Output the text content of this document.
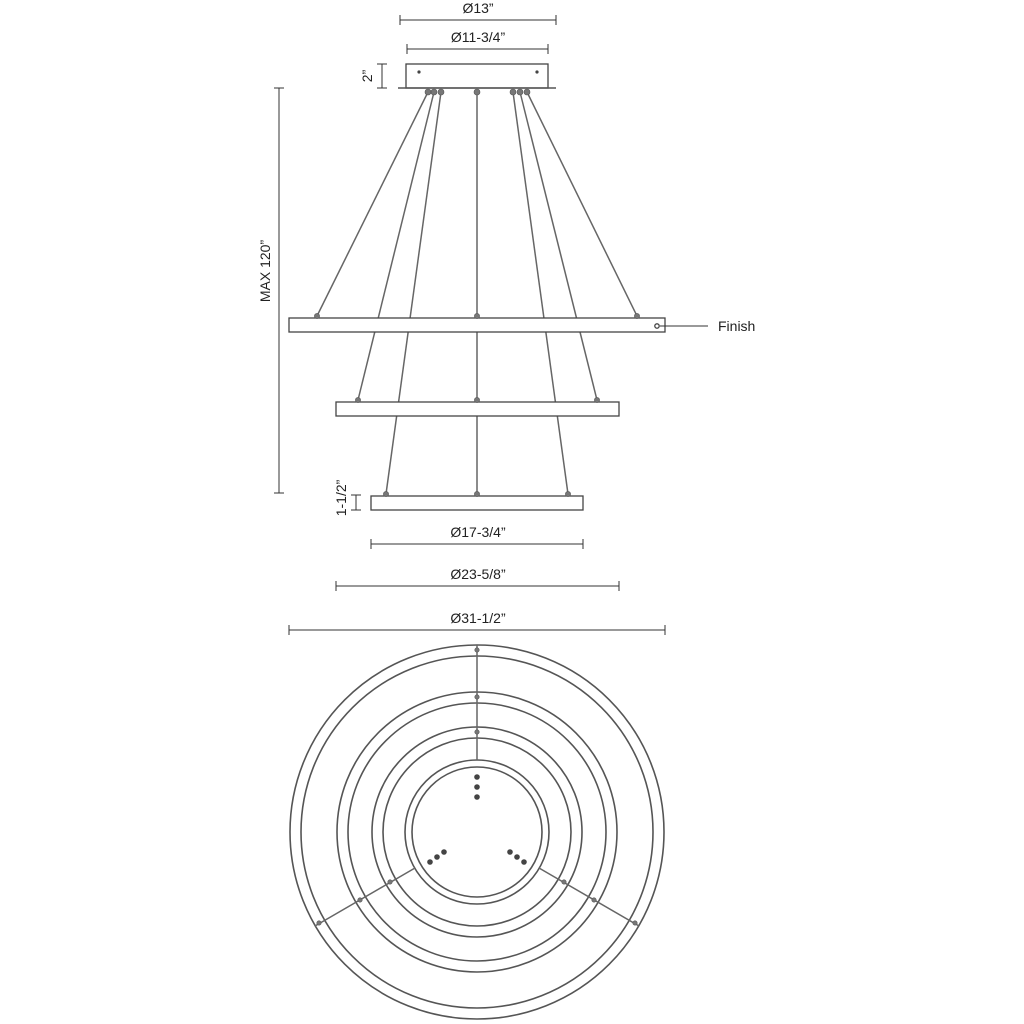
Finish
Ø13”
Ø11-3/4”
2”
MAX 120”
1-1/2”
Ø17-3/4”
Ø23-5/8”
Ø31-1/2”
